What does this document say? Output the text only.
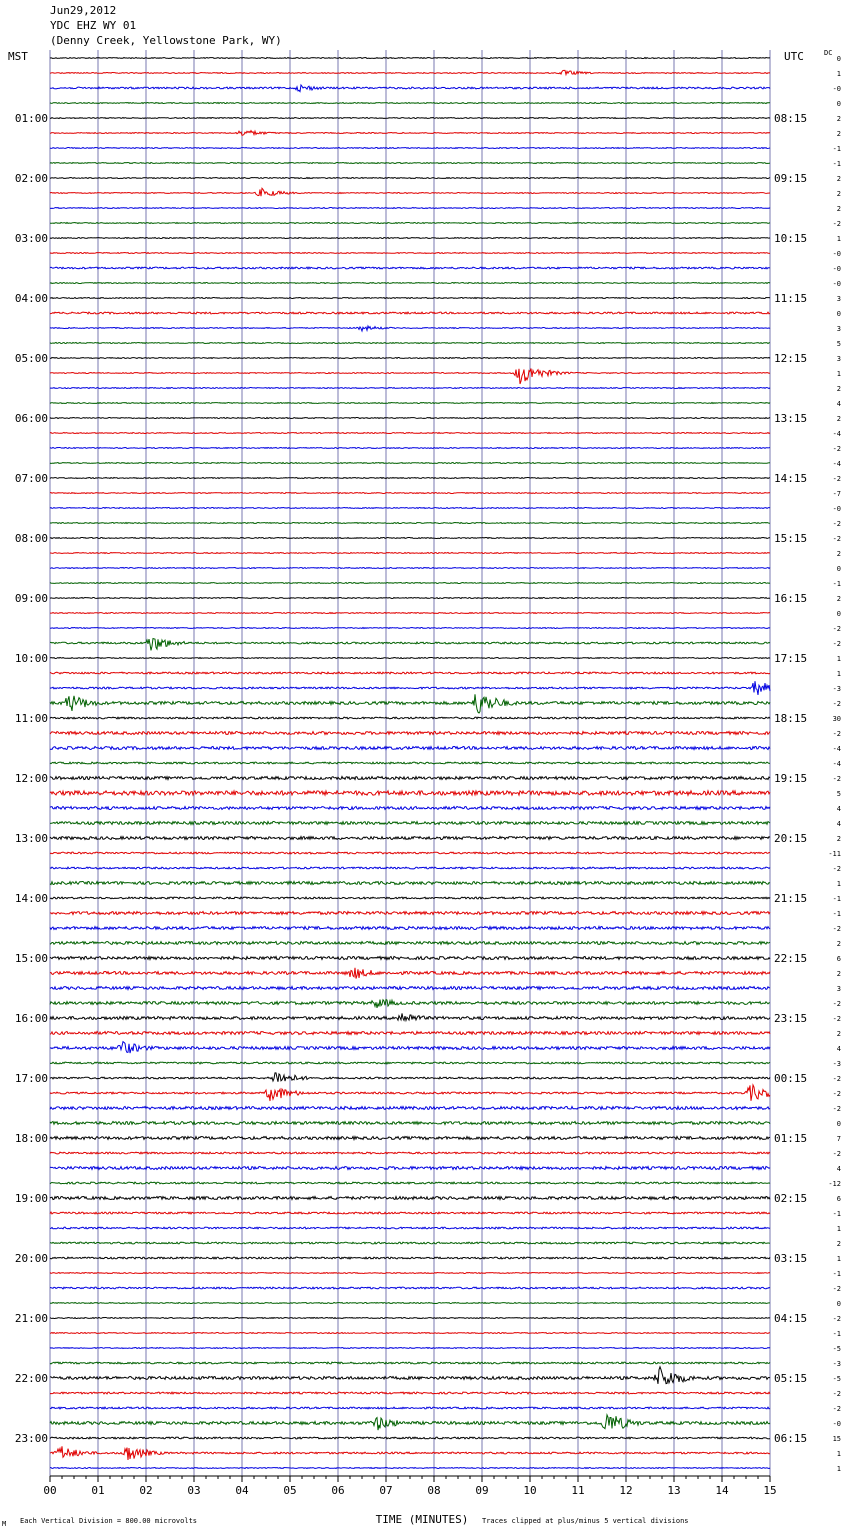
Jun29,2012
YDC EHZ WY 01
(Denny Creek, Yellowstone Park, WY)
0
1
-0
0
2
2
-1
-1
2
2
2
-2
1
-0
-0
-0
3
0
3
5
3
1
2
4
2
-4
-2
-4
-2
-7
-0
-2
-2
2
0
-1
2
0
-2
-2
1
1
-3
-2
30
-2
-4
-4
-2
5
4
4
2
-11
-2
1
-1
-1
-2
2
6
2
3
-2
-2
2
4
-3
-2
-2
-2
0
7
-2
4
-12
6
-1
1
2
1
-1
-2
0
-2
-1
-5
-3
-5
-2
-2
-0
15
1
1
MST	UTC	DC
01:00
02:00
03:00
04:00
05:00
06:00
07:00
08:00
09:00
10:00
11:00
12:00
13:00
14:00
15:00
16:00
17:00
18:00
19:00
20:00
21:00
22:00
23:00
08:15
09:15
10:15
11:15
12:15
13:15
14:15
15:15
16:15
17:15
18:15
19:15
20:15
21:15
22:15
23:15
00:15
01:15
02:15
03:15
04:15
05:15
06:15
00	01	02	03	04	05	06	07	08	09	10	11	12	13	14	15
TIME (MINUTES)
Each Vertical Division = 800.00 microvolts	Traces clipped at plus/minus 5 vertical divisions
M
